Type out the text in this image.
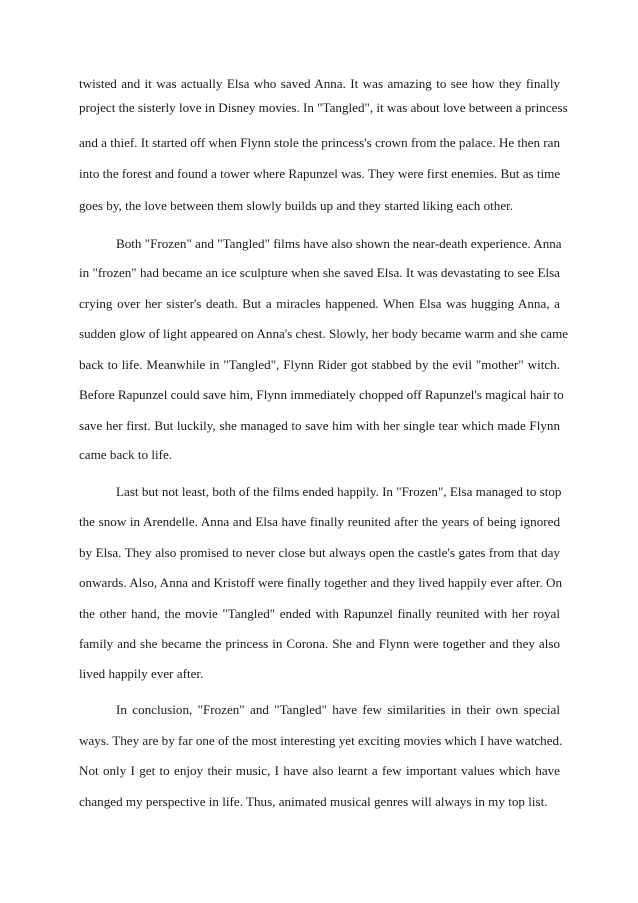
twisted and it was actually Elsa who saved Anna. It was amazing to see how they finally
project the sisterly love in Disney movies. In "Tangled", it was about love between a princess
and a thief. It started off when Flynn stole the princess's crown from the palace. He then ran
into the forest and found a tower where Rapunzel was. They were first enemies. But as time
goes by, the love between them slowly builds up and they started liking each other.
Both "Frozen" and "Tangled" films have also shown the near-death experience. Anna
in "frozen" had became an ice sculpture when she saved Elsa. It was devastating to see Elsa
crying over her sister's death. But a miracles happened. When Elsa was hugging Anna, a
sudden glow of light appeared on Anna's chest. Slowly, her body became warm and she came
back to life. Meanwhile in "Tangled", Flynn Rider got stabbed by the evil "mother" witch.
Before Rapunzel could save him, Flynn immediately chopped off Rapunzel's magical hair to
save her first. But luckily, she managed to save him with her single tear which made Flynn
came back to life.
Last but not least, both of the films ended happily. In "Frozen", Elsa managed to stop
the snow in Arendelle. Anna and Elsa have finally reunited after the years of being ignored
by Elsa. They also promised to never close but always open the castle's gates from that day
onwards. Also, Anna and Kristoff were finally together and they lived happily ever after. On
the other hand, the movie "Tangled" ended with Rapunzel finally reunited with her royal
family and she became the princess in Corona. She and Flynn were together and they also
lived happily ever after.
In conclusion, "Frozen" and "Tangled" have few similarities in their own special
ways. They are by far one of the most interesting yet exciting movies which I have watched.
Not only I get to enjoy their music, I have also learnt a few important values which have
changed my perspective in life. Thus, animated musical genres will always in my top list.
